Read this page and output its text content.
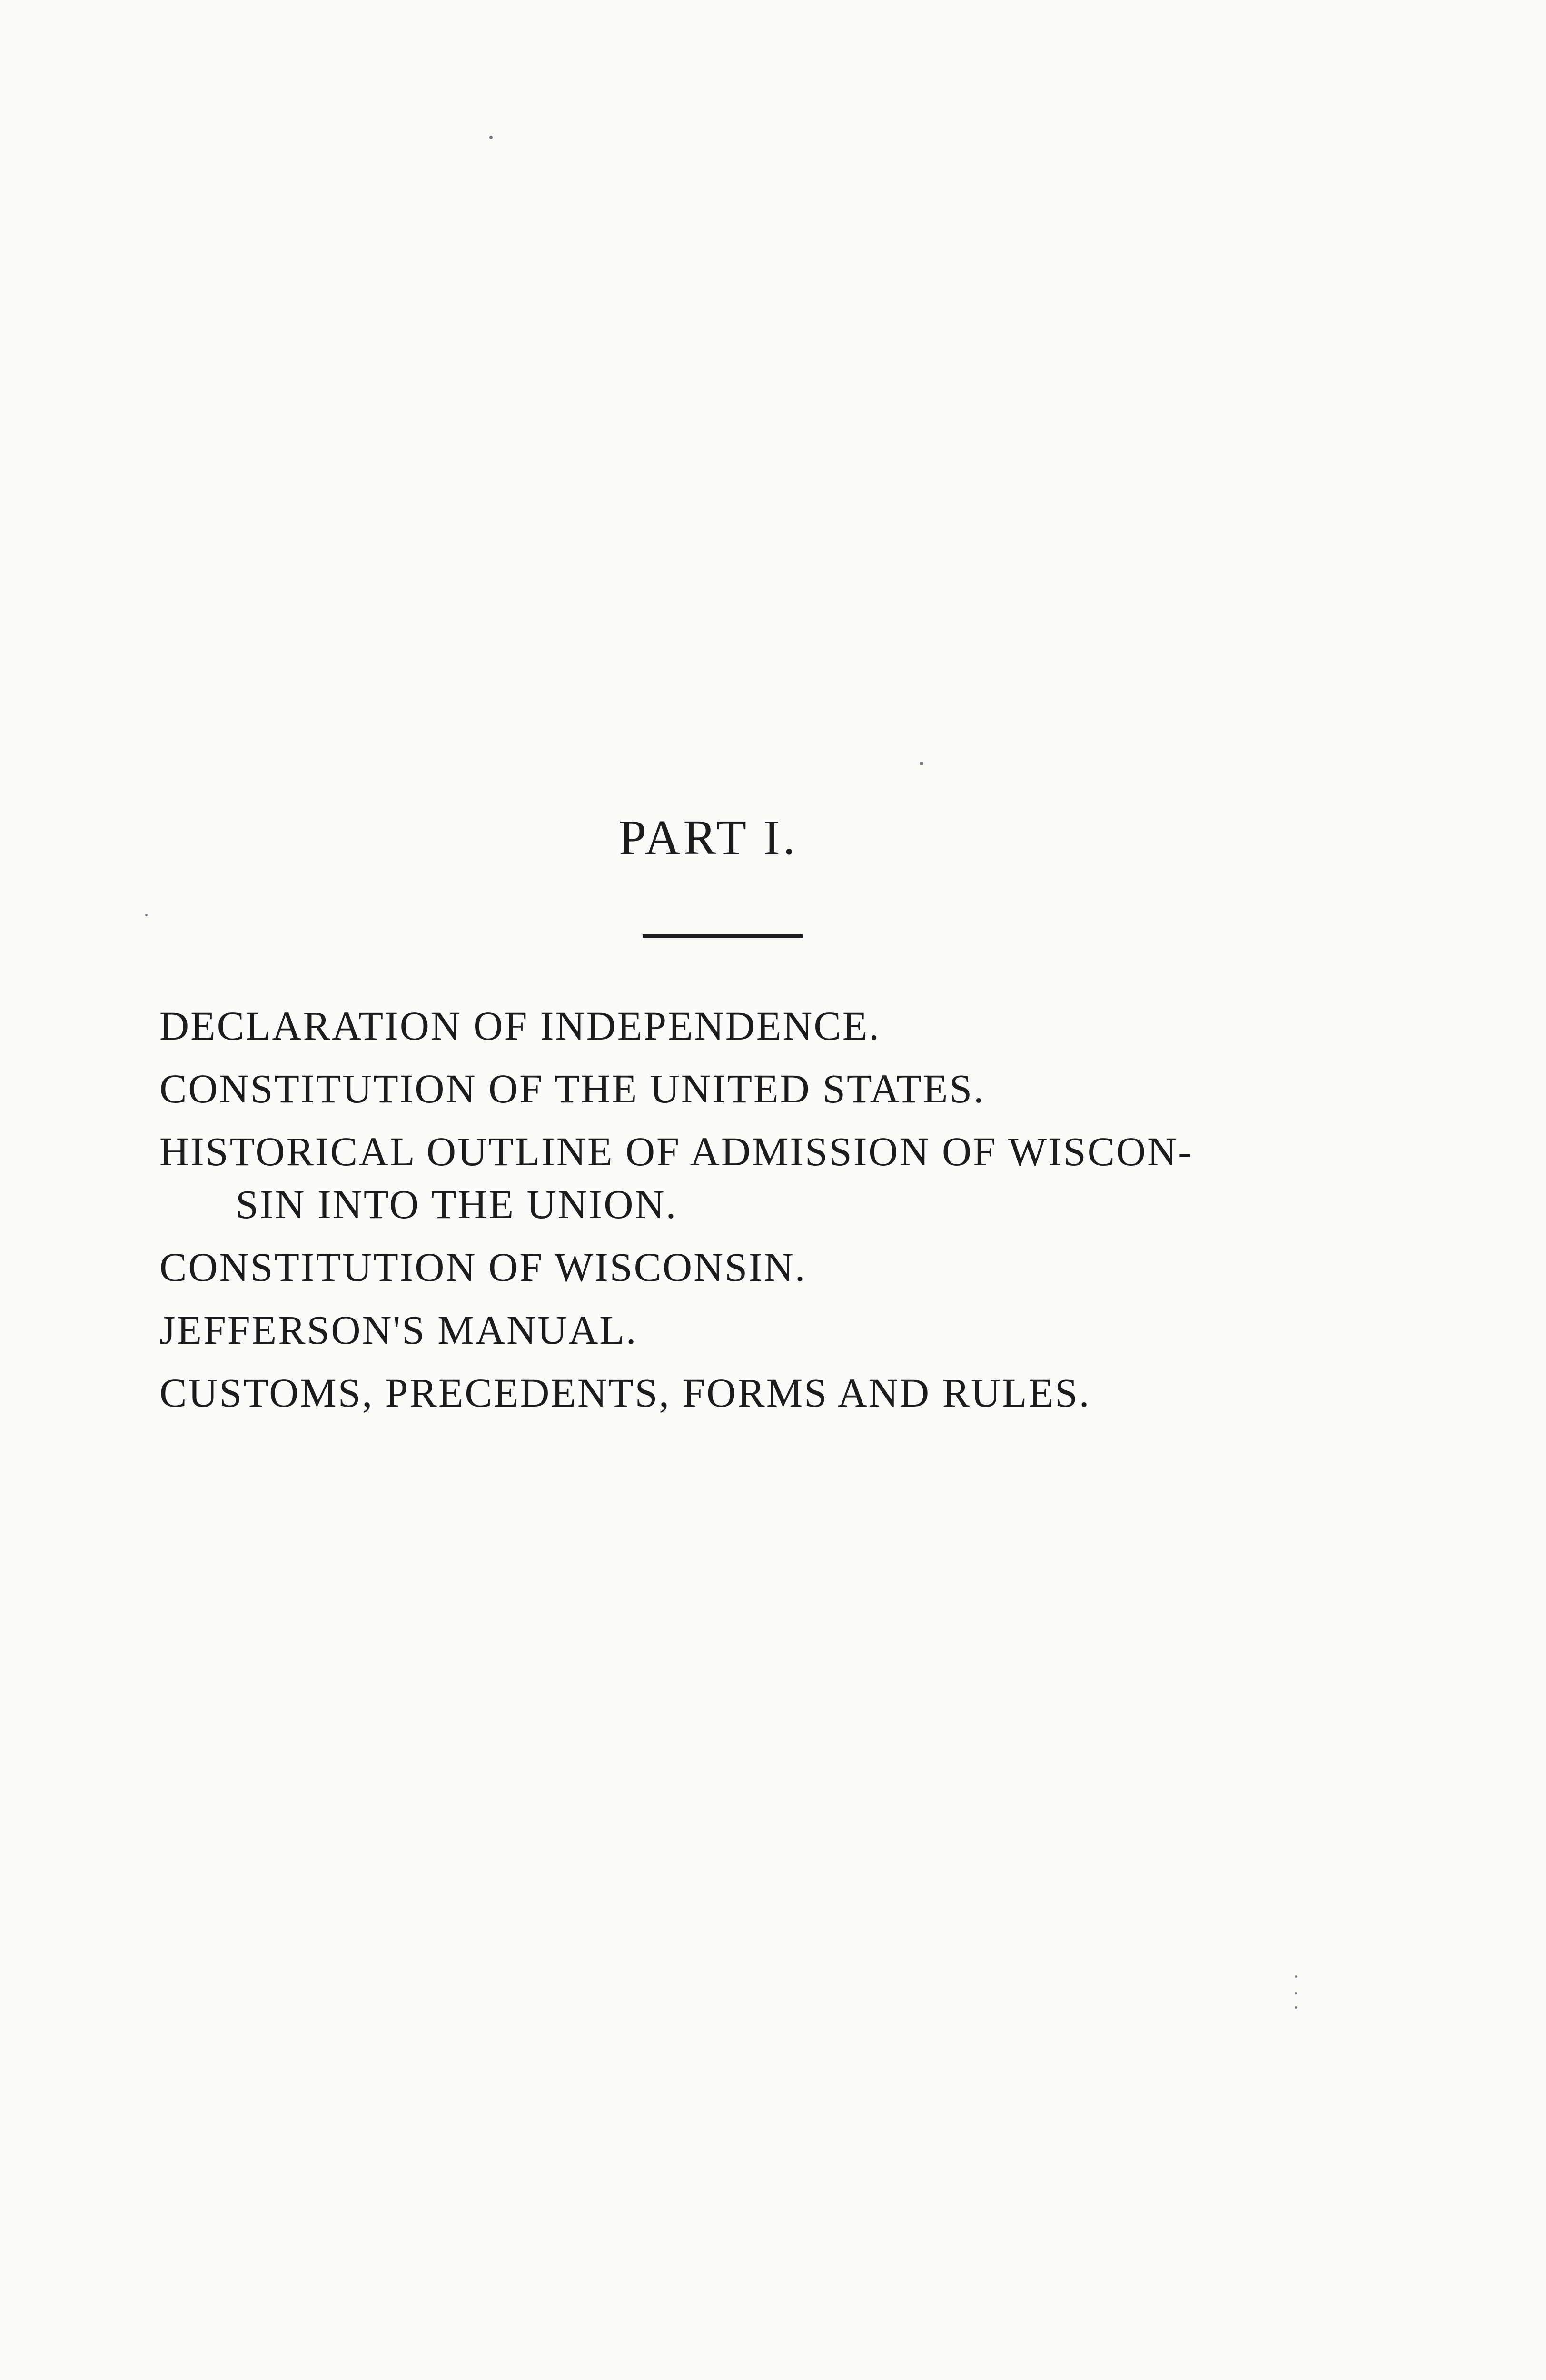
PART I.
DECLARATION OF INDEPENDENCE.
CONSTITUTION OF THE UNITED STATES.
HISTORICAL OUTLINE OF ADMISSION OF WISCON-
SIN INTO THE UNION.
CONSTITUTION OF WISCONSIN.
JEFFERSON'S MANUAL.
CUSTOMS, PRECEDENTS, FORMS AND RULES.
